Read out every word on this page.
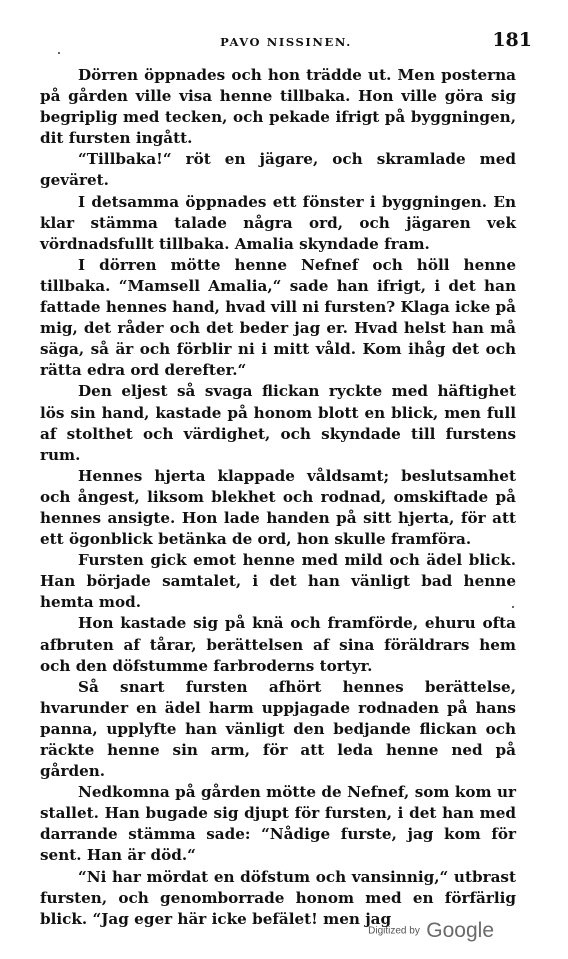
PAVO NISSINEN.	181

Dörren öppnades och hon trädde ut. Men posterna på gården ville visa henne tillbaka. Hon ville göra sig begriplig med tecken, och pekade ifrigt på byggningen, dit fursten ingått.

“Tillbaka!“ röt en jägare, och skramlade med geväret.

I detsamma öppnades ett fönster i byggningen. En klar stämma talade några ord, och jägaren vek vördnadsfullt tillbaka. Amalia skyndade fram.

I dörren mötte henne Nefnef och höll henne tillbaka. “Mamsell Amalia,“ sade han ifrigt, i det han fattade hennes hand, hvad vill ni fursten? Klaga icke på mig, det råder och det beder jag er. Hvad helst han må säga, så är och förblir ni i mitt våld. Kom ihåg det och rätta edra ord derefter.“

Den eljest så svaga flickan ryckte med häftighet lös sin hand, kastade på honom blott en blick, men full af stolthet och värdighet, och skyndade till furstens rum.

Hennes hjerta klappade våldsamt; beslutsamhet och ångest, liksom blekhet och rodnad, omskiftade på hennes ansigte. Hon lade handen på sitt hjerta, för att ett ögonblick betänka de ord, hon skulle framföra.

Fursten gick emot henne med mild och ädel blick. Han började samtalet, i det han vänligt bad henne hemta mod.

Hon kastade sig på knä och framförde, ehuru ofta afbruten af tårar, berättelsen af sina föräldrars hem och den döfstumme farbroderns tortyr.

Så snart fursten afhört hennes berättelse, hvarunder en ädel harm uppjagade rodnaden på hans panna, upplyfte han vänligt den bedjande flickan och räckte henne sin arm, för att leda henne ned på gården.

Nedkomna på gården mötte de Nefnef, som kom ur stallet. Han bugade sig djupt för fursten, i det han med darrande stämma sade: “Nådige furste, jag kom för sent. Han är död.“

“Ni har mördat en döfstum och vansinnig,“ utbrast fursten, och genomborrade honom med en förfärlig blick. “Jag eger här icke befälet! men jag

Digitized by Google
